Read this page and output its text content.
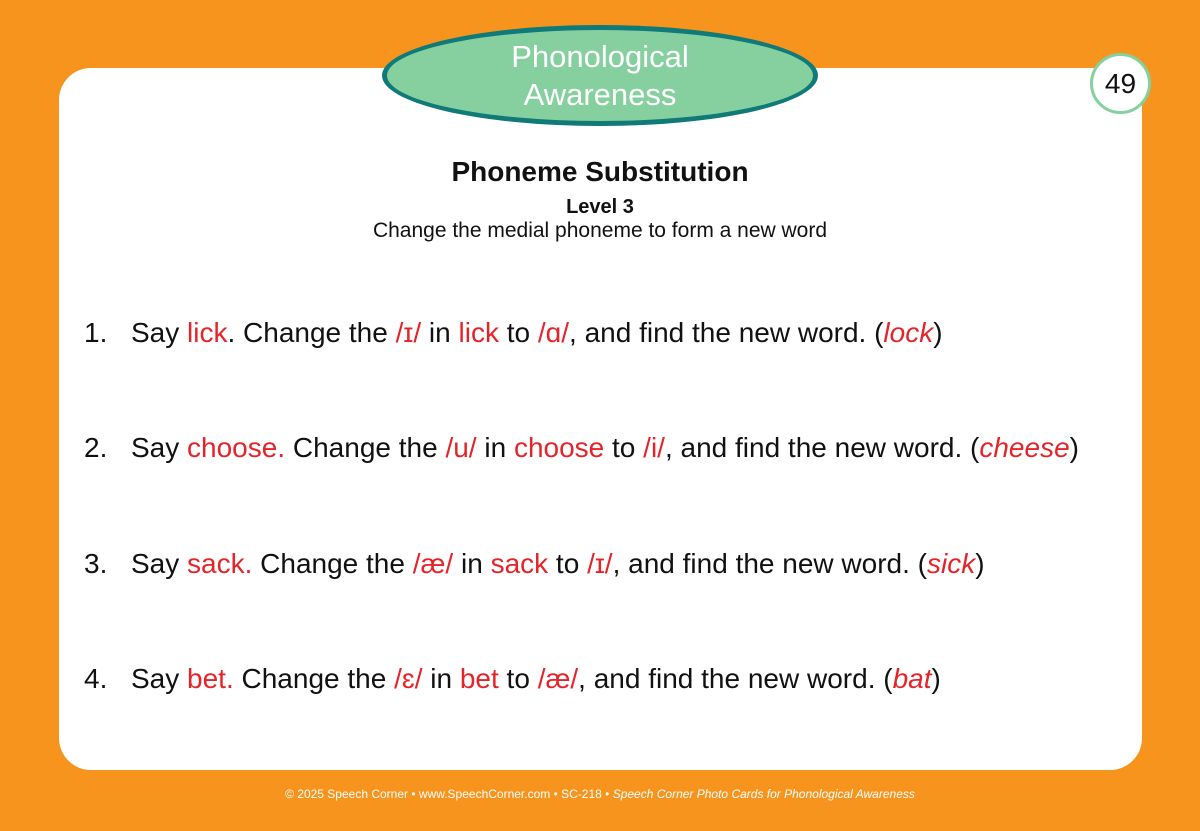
Phonological
Awareness	49
Phoneme Substitution
Level 3
Change the medial phoneme to form a new word
1. Say lick. Change the /ɪ/ in lick to /ɑ/, and find the new word. (lock)
2. Say choose. Change the /u/ in choose to /i/, and find the new word. (cheese)
3. Say sack. Change the /æ/ in sack to /ɪ/, and find the new word. (sick)
4. Say bet. Change the /ɛ/ in bet to /æ/, and find the new word. (bat)
© 2025 Speech Corner • www.SpeechCorner.com • SC-218 • Speech Corner Photo Cards for Phonological Awareness
